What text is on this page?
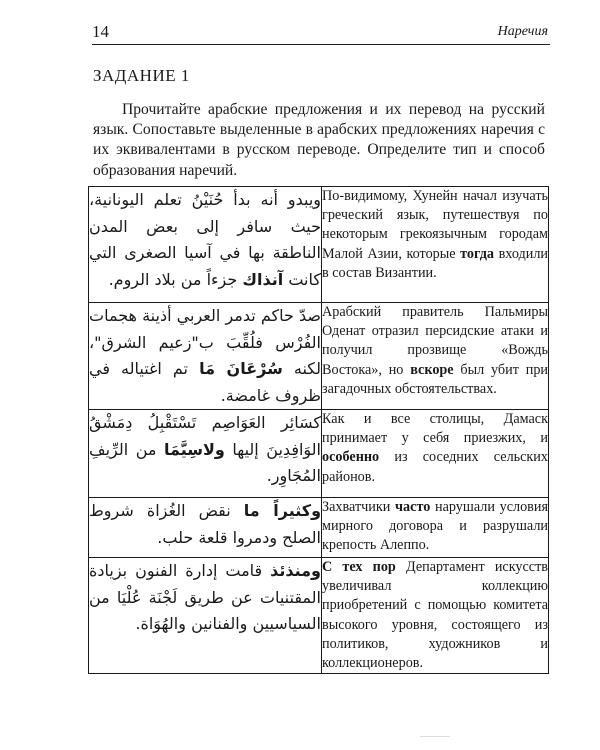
14	Наречия
ЗАДАНИЕ 1
Прочитайте арабские предложения и их перевод на русский язык. Сопоставьте выделенные в арабских предложениях наречия с их эквивалентами в русском переводе. Определите тип и способ образования наречий.
ويبدو أنه بدأ حُنَيْنُ تعلم اليونانية، حيث سافر إلى بعض المدن الناطقة بها في آسيا الصغرى التي كانت آنذاك جزءاً من بلاد الروم.	По-видимому, Хунейн начал изучать греческий язык, путешествуя по некоторым грекоязычным городам Малой Азии, которые тогда входили в состав Византии.
صدّ حاكم تدمر العربي أذينة هجمات الفُرْس فلُقِّبَ ب"زعيم الشرق"، لكنه سُرْعَانَ مَا تم اغتياله في ظروف غامضة.	Арабский правитель Пальмиры Оденат отразил персидские атаки и получил прозвище «Вождь Востока», но вскоре был убит при загадочных обстоятельствах.
كسَائِر العَوَاصِم تَسْتَقْبِلُ دِمَشْقُ الوَافِدِينَ إليها ولاسِيَّمَا من الرِّيفِ المُجَاوِر.	Как и все столицы, Дамаск принимает у себя приезжих, и особенно из соседних сельских районов.
وكثيراً ما نقض الغُزاة شروط الصلح ودمروا قلعة حلب.	Захватчики часто нарушали условия мирного договора и разрушали крепость Алеппо.
ومنذئذ قامت إدارة الفنون بزيادة المقتنيات عن طريق لَجْنَة عُلْيَا من السياسيين والفنانين والهُوَاة.	С тех пор Департамент искусств увеличивал коллекцию приобретений с помощью комитета высокого уровня, состоящего из политиков, художников и коллекционеров.
